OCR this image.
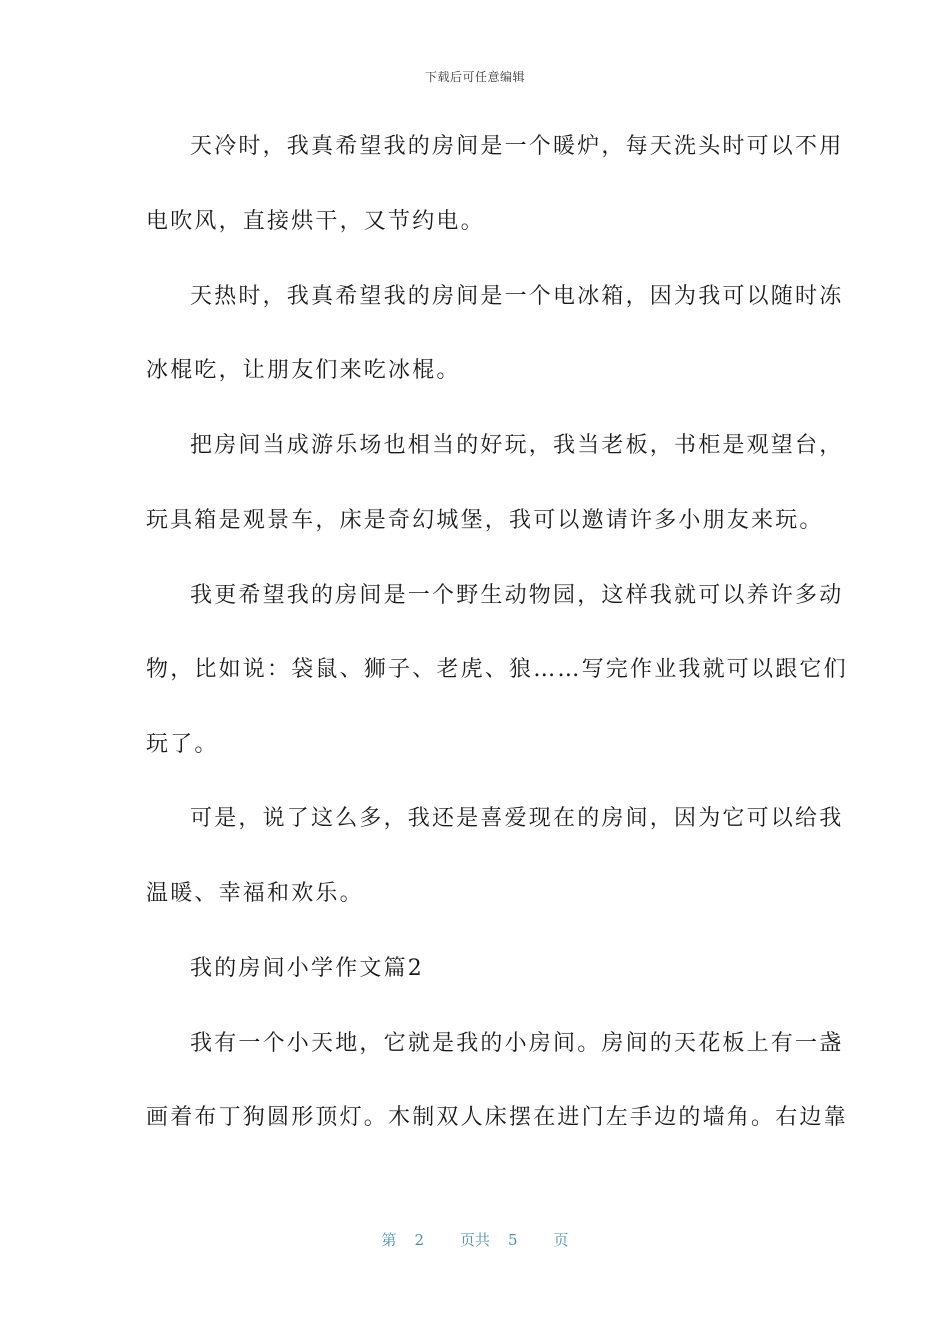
下载后可任意编辑
天冷时，我真希望我的房间是一个暖炉，每天洗头时可以不用
电吹风，直接烘干，又节约电。
天热时，我真希望我的房间是一个电冰箱，因为我可以随时冻
冰棍吃，让朋友们来吃冰棍。
把房间当成游乐场也相当的好玩，我当老板，书柜是观望台，
玩具箱是观景车，床是奇幻城堡，我可以邀请许多小朋友来玩。
我更希望我的房间是一个野生动物园，这样我就可以养许多动
物，比如说：袋鼠、狮子、老虎、狼……写完作业我就可以跟它们
玩了。
可是，说了这么多，我还是喜爱现在的房间，因为它可以给我
温暖、幸福和欢乐。
我的房间小学作文篇2
我有一个小天地，它就是我的小房间。房间的天花板上有一盏
画着布丁狗圆形顶灯。木制双人床摆在进门左手边的墙角。右边靠
第 2 页共 5 页
